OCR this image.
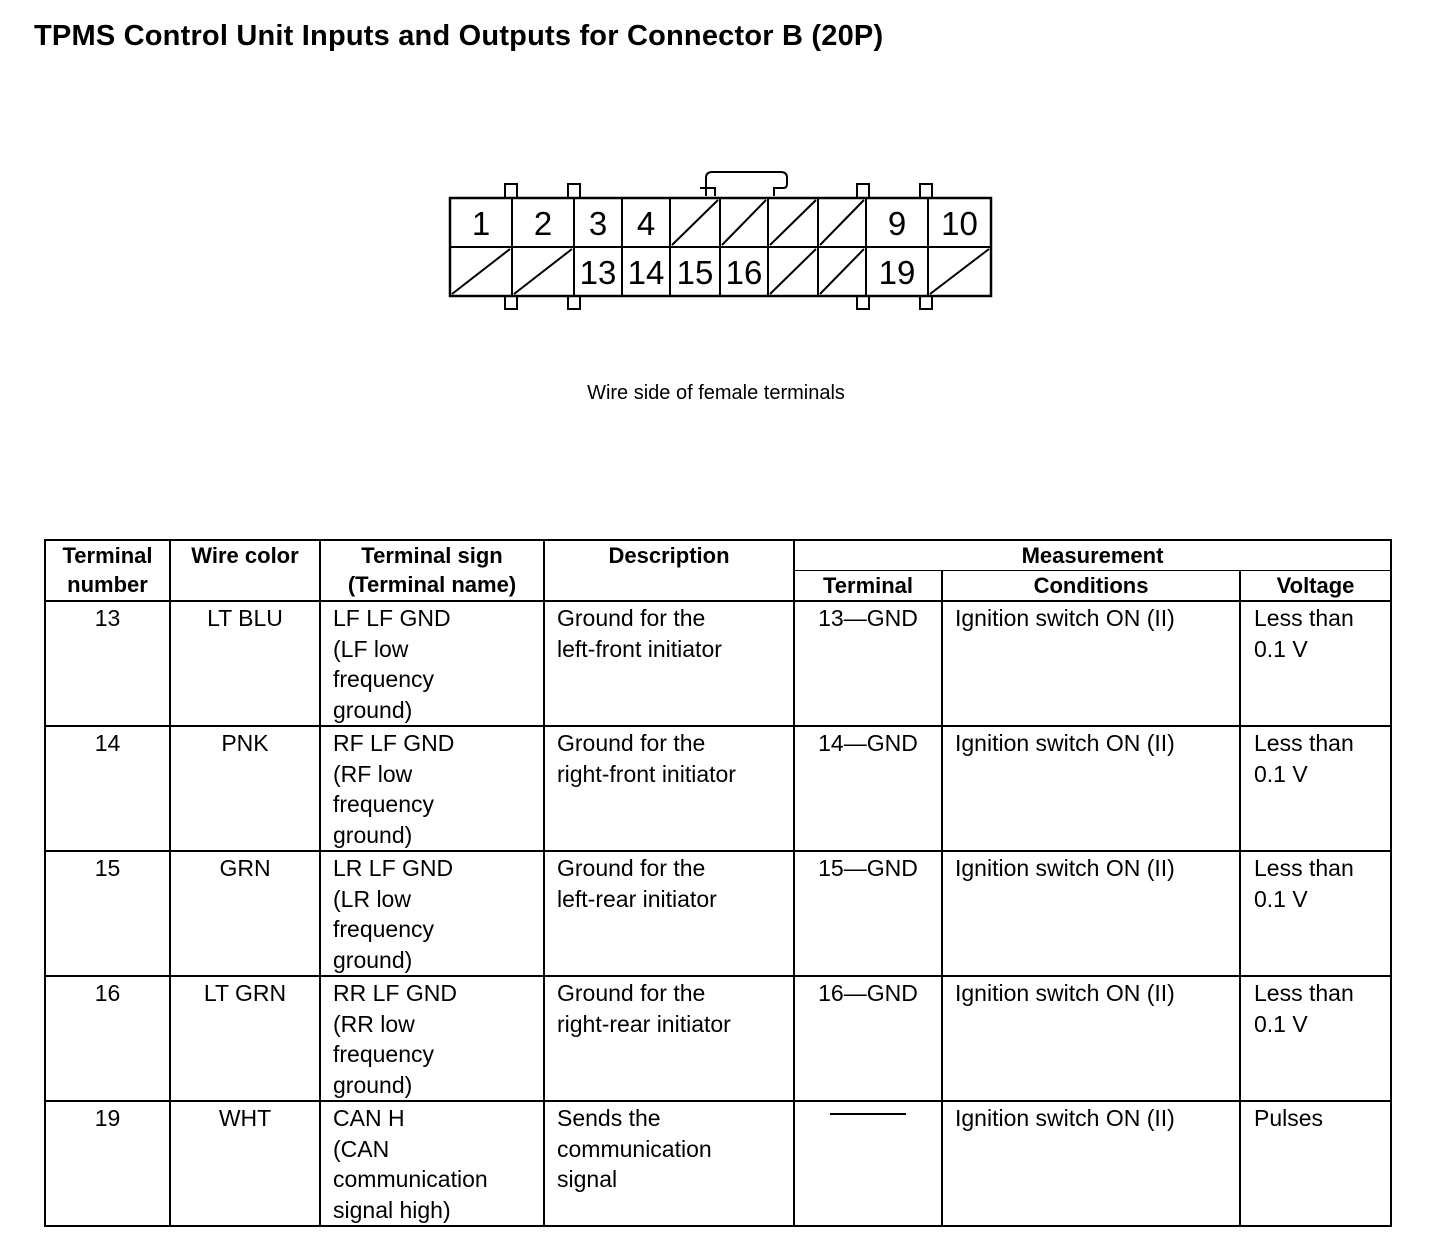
TPMS Control Unit Inputs and Outputs for Connector B (20P)
1 2 3 4	9 10
13 14 15 16	19
Wire side of female terminals
Terminal
number	Wire color	Terminal sign
(Terminal name)	Description	Measurement		
				Terminal	Conditions	Voltage
13	LT BLU	LF LF GND
(LF low
frequency
ground)	Ground for the
left-front initiator	13—GND	Ignition switch ON (II)	Less than
0.1 V
14	PNK	RF LF GND
(RF low
frequency
ground)	Ground for the
right-front initiator	14—GND	Ignition switch ON (II)	Less than
0.1 V
15	GRN	LR LF GND
(LR low
frequency
ground)	Ground for the
left-rear initiator	15—GND	Ignition switch ON (II)	Less than
0.1 V
16	LT GRN	RR LF GND
(RR low
frequency
ground)	Ground for the
right-rear initiator	16—GND	Ignition switch ON (II)	Less than
0.1 V
19	WHT	CAN H
(CAN
communication
signal high)	Sends the
communication
signal		Ignition switch ON (II)	Pulses
